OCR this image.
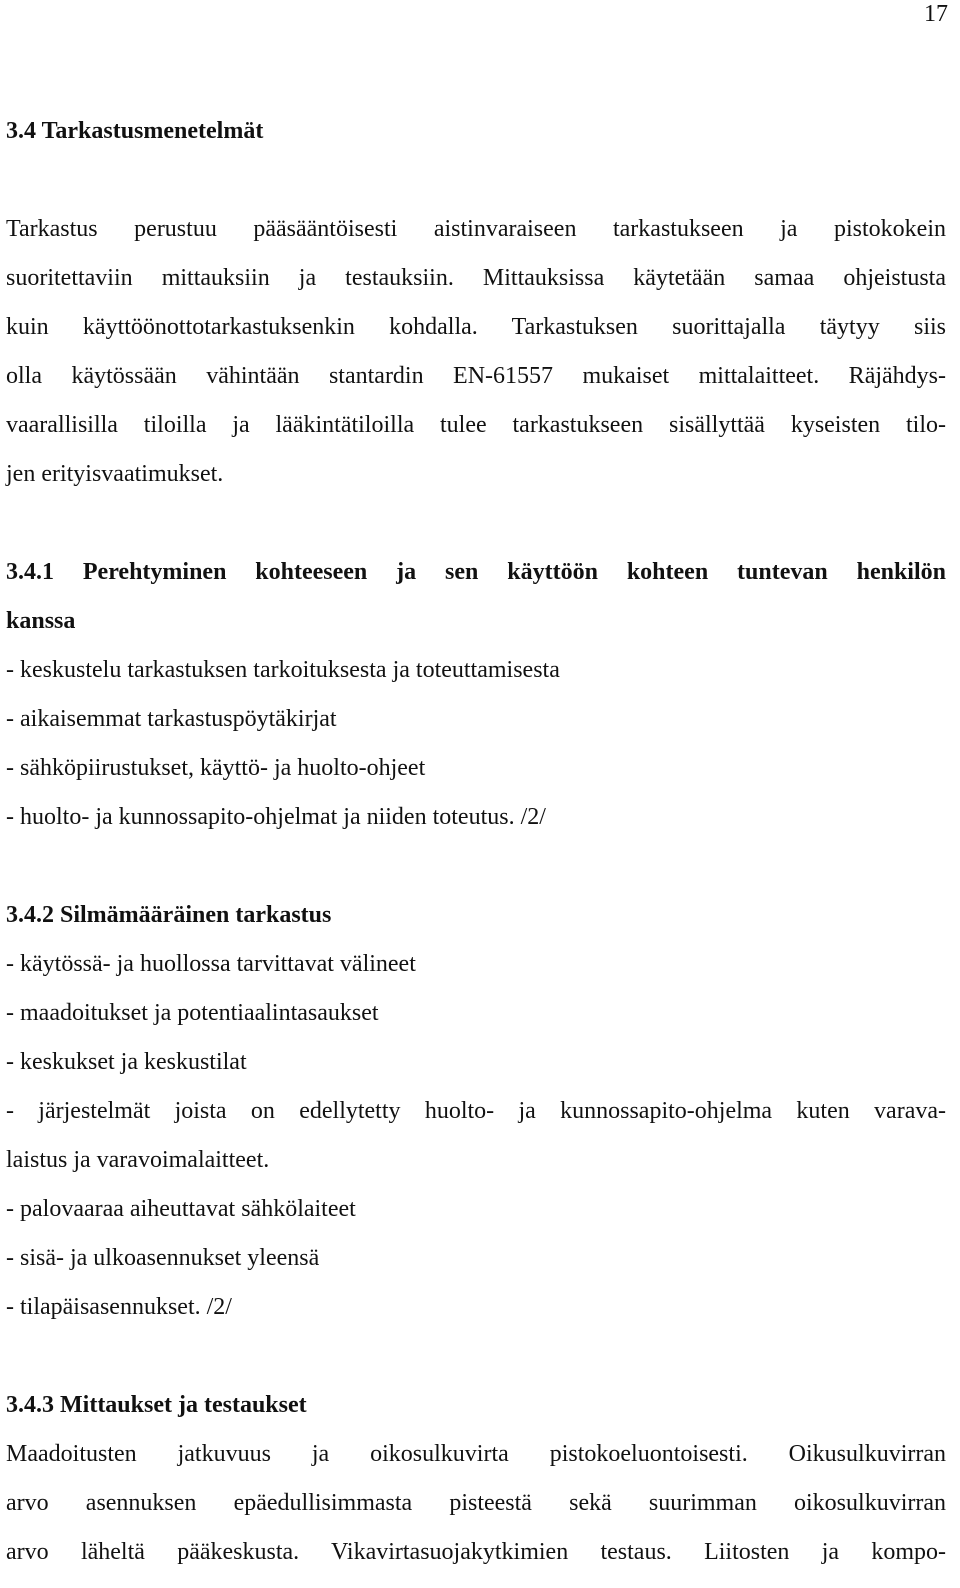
17
3.4 Tarkastusmenetelmät

Tarkastus perustuu pääsääntöisesti aistinvaraiseen tarkastukseen ja pistokokein
suoritettaviin mittauksiin ja testauksiin. Mittauksissa käytetään samaa ohjeistusta
kuin käyttöönottotarkastuksenkin kohdalla. Tarkastuksen suorittajalla täytyy siis
olla käytössään vähintään stantardin EN-61557 mukaiset mittalaitteet. Räjähdys-
vaarallisilla tiloilla ja lääkintätiloilla tulee tarkastukseen sisällyttää kyseisten tilo-
jen erityisvaatimukset.

3.4.1 Perehtyminen kohteeseen ja sen käyttöön kohteen tuntevan henkilön
kanssa
- keskustelu tarkastuksen tarkoituksesta ja toteuttamisesta
- aikaisemmat tarkastuspöytäkirjat
- sähköpiirustukset, käyttö- ja huolto-ohjeet
- huolto- ja kunnossapito-ohjelmat ja niiden toteutus. /2/
3.4.2 Silmämääräinen tarkastus
- käytössä- ja huollossa tarvittavat välineet
- maadoitukset ja potentiaalintasaukset
- keskukset ja keskustilat
- järjestelmät joista on edellytetty huolto- ja kunnossapito-ohjelma kuten varava-
laistus ja varavoimalaitteet.
- palovaaraa aiheuttavat sähkölaiteet
- sisä- ja ulkoasennukset yleensä
- tilapäisasennukset. /2/
3.4.3 Mittaukset ja testaukset

Maadoitusten jatkuvuus ja oikosulkuvirta pistokoeluontoisesti. Oikusulkuvirran
arvo asennuksen epäedullisimmasta pisteestä sekä suurimman oikosulkuvirran
arvo läheltä pääkeskusta. Vikavirtasuojakytkimien testaus. Liitosten ja kompo-
